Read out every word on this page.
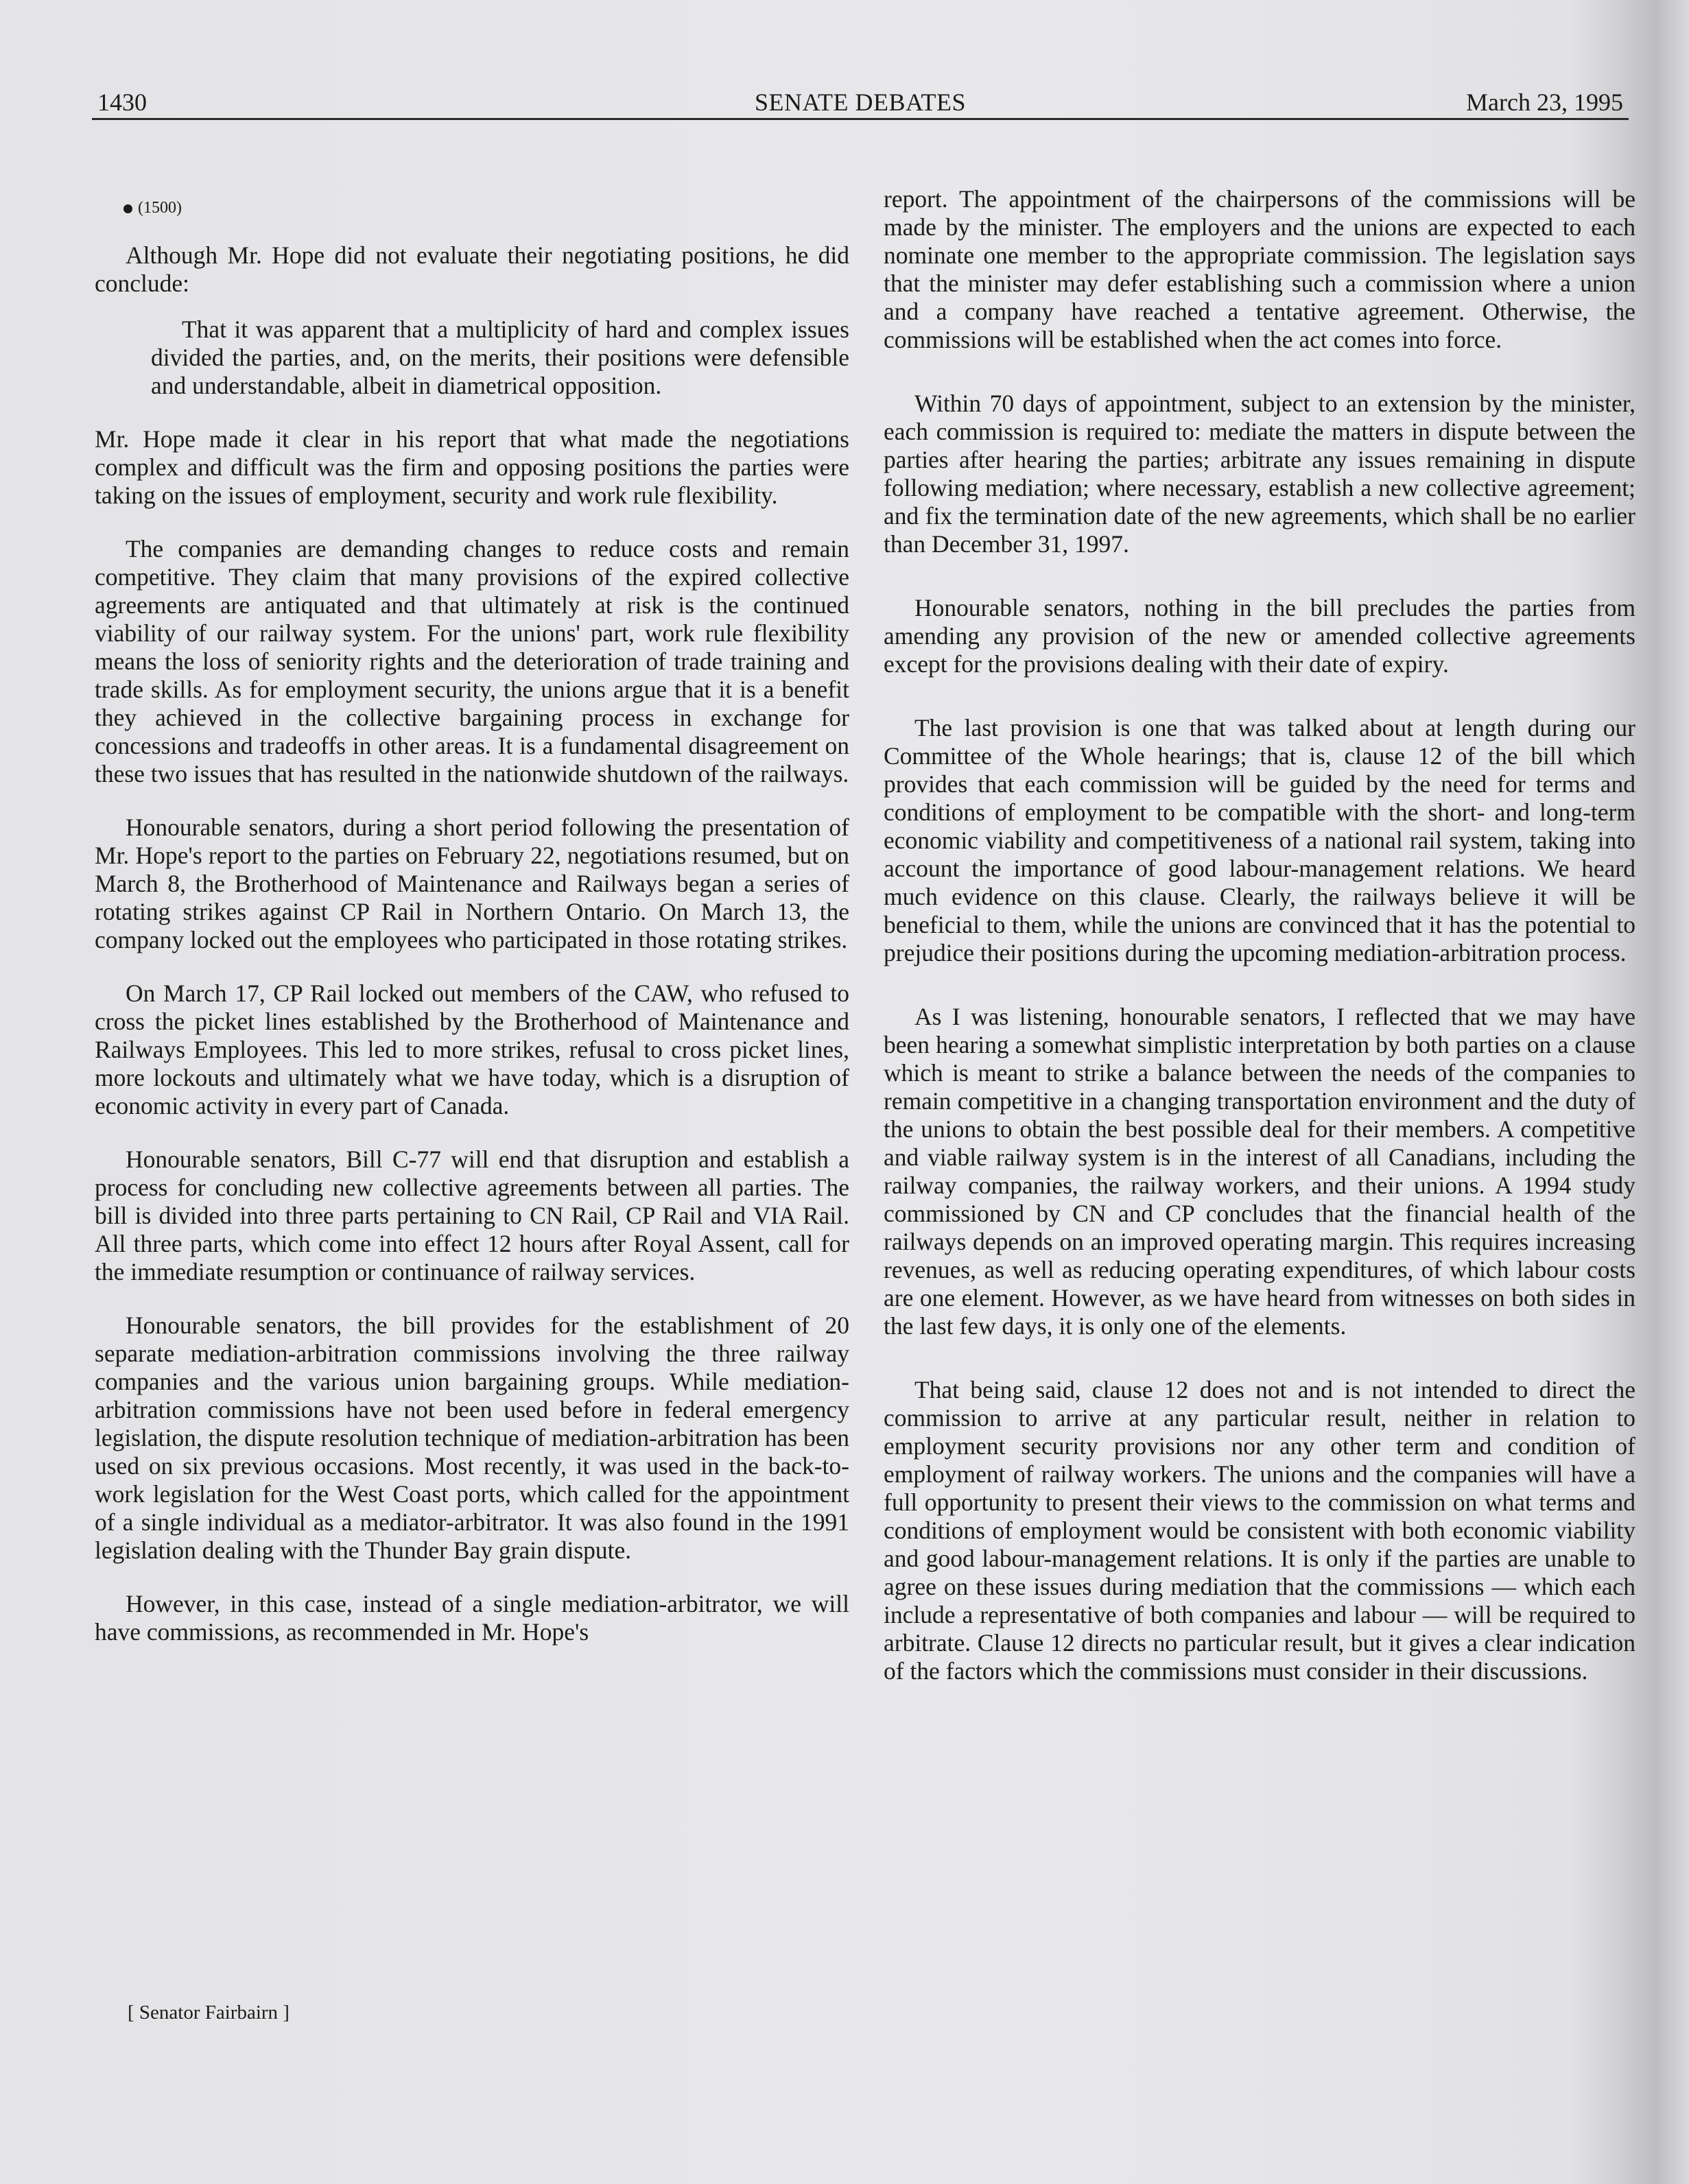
1430	SENATE DEBATES	March 23, 1995
(1500)

Although Mr. Hope did not evaluate their negotiating positions, he did conclude:

That it was apparent that a multiplicity of hard and complex issues divided the parties, and, on the merits, their positions were defensible and understandable, albeit in diametrical opposition.

Mr. Hope made it clear in his report that what made the negotiations complex and difficult was the firm and opposing positions the parties were taking on the issues of employment, security and work rule flexibility.

The companies are demanding changes to reduce costs and remain competitive. They claim that many provisions of the expired collective agreements are antiquated and that ultimately at risk is the continued viability of our railway system. For the unions' part, work rule flexibility means the loss of seniority rights and the deterioration of trade training and trade skills. As for employment security, the unions argue that it is a benefit they achieved in the collective bargaining process in exchange for concessions and tradeoffs in other areas. It is a fundamental disagreement on these two issues that has resulted in the nationwide shutdown of the railways.

Honourable senators, during a short period following the presentation of Mr. Hope's report to the parties on February 22, negotiations resumed, but on March 8, the Brotherhood of Maintenance and Railways began a series of rotating strikes against CP Rail in Northern Ontario. On March 13, the company locked out the employees who participated in those rotating strikes.

On March 17, CP Rail locked out members of the CAW, who refused to cross the picket lines established by the Brotherhood of Maintenance and Railways Employees. This led to more strikes, refusal to cross picket lines, more lockouts and ultimately what we have today, which is a disruption of economic activity in every part of Canada.

Honourable senators, Bill C-77 will end that disruption and establish a process for concluding new collective agreements between all parties. The bill is divided into three parts pertaining to CN Rail, CP Rail and VIA Rail. All three parts, which come into effect 12 hours after Royal Assent, call for the immediate resumption or continuance of railway services.

Honourable senators, the bill provides for the establishment of 20 separate mediation-arbitration commissions involving the three railway companies and the various union bargaining groups. While mediation-arbitration commissions have not been used before in federal emergency legislation, the dispute resolution technique of mediation-arbitration has been used on six previous occasions. Most recently, it was used in the back-to-work legislation for the West Coast ports, which called for the appointment of a single individual as a mediator-arbitrator. It was also found in the 1991 legislation dealing with the Thunder Bay grain dispute.

However, in this case, instead of a single mediation-arbitrator, we will have commissions, as recommended in Mr. Hope's

report. The appointment of the chairpersons of the commissions will be made by the minister. The employers and the unions are expected to each nominate one member to the appropriate commission. The legislation says that the minister may defer establishing such a commission where a union and a company have reached a tentative agreement. Otherwise, the commissions will be established when the act comes into force.

Within 70 days of appointment, subject to an extension by the minister, each commission is required to: mediate the matters in dispute between the parties after hearing the parties; arbitrate any issues remaining in dispute following mediation; where necessary, establish a new collective agreement; and fix the termination date of the new agreements, which shall be no earlier than December 31, 1997.

Honourable senators, nothing in the bill precludes the parties from amending any provision of the new or amended collective agreements except for the provisions dealing with their date of expiry.

The last provision is one that was talked about at length during our Committee of the Whole hearings; that is, clause 12 of the bill which provides that each commission will be guided by the need for terms and conditions of employment to be compatible with the short- and long-term economic viability and competitiveness of a national rail system, taking into account the importance of good labour-management relations. We heard much evidence on this clause. Clearly, the railways believe it will be beneficial to them, while the unions are convinced that it has the potential to prejudice their positions during the upcoming mediation-arbitration process.

As I was listening, honourable senators, I reflected that we may have been hearing a somewhat simplistic interpretation by both parties on a clause which is meant to strike a balance between the needs of the companies to remain competitive in a changing transportation environment and the duty of the unions to obtain the best possible deal for their members. A competitive and viable railway system is in the interest of all Canadians, including the railway companies, the railway workers, and their unions. A 1994 study commissioned by CN and CP concludes that the financial health of the railways depends on an improved operating margin. This requires increasing revenues, as well as reducing operating expenditures, of which labour costs are one element. However, as we have heard from witnesses on both sides in the last few days, it is only one of the elements.

That being said, clause 12 does not and is not intended to direct the commission to arrive at any particular result, neither in relation to employment security provisions nor any other term and condition of employment of railway workers. The unions and the companies will have a full opportunity to present their views to the commission on what terms and conditions of employment would be consistent with both economic viability and good labour-management relations. It is only if the parties are unable to agree on these issues during mediation that the commissions — which each include a representative of both companies and labour — will be required to arbitrate. Clause 12 directs no particular result, but it gives a clear indication of the factors which the commissions must consider in their discussions.

[ Senator Fairbairn ]
